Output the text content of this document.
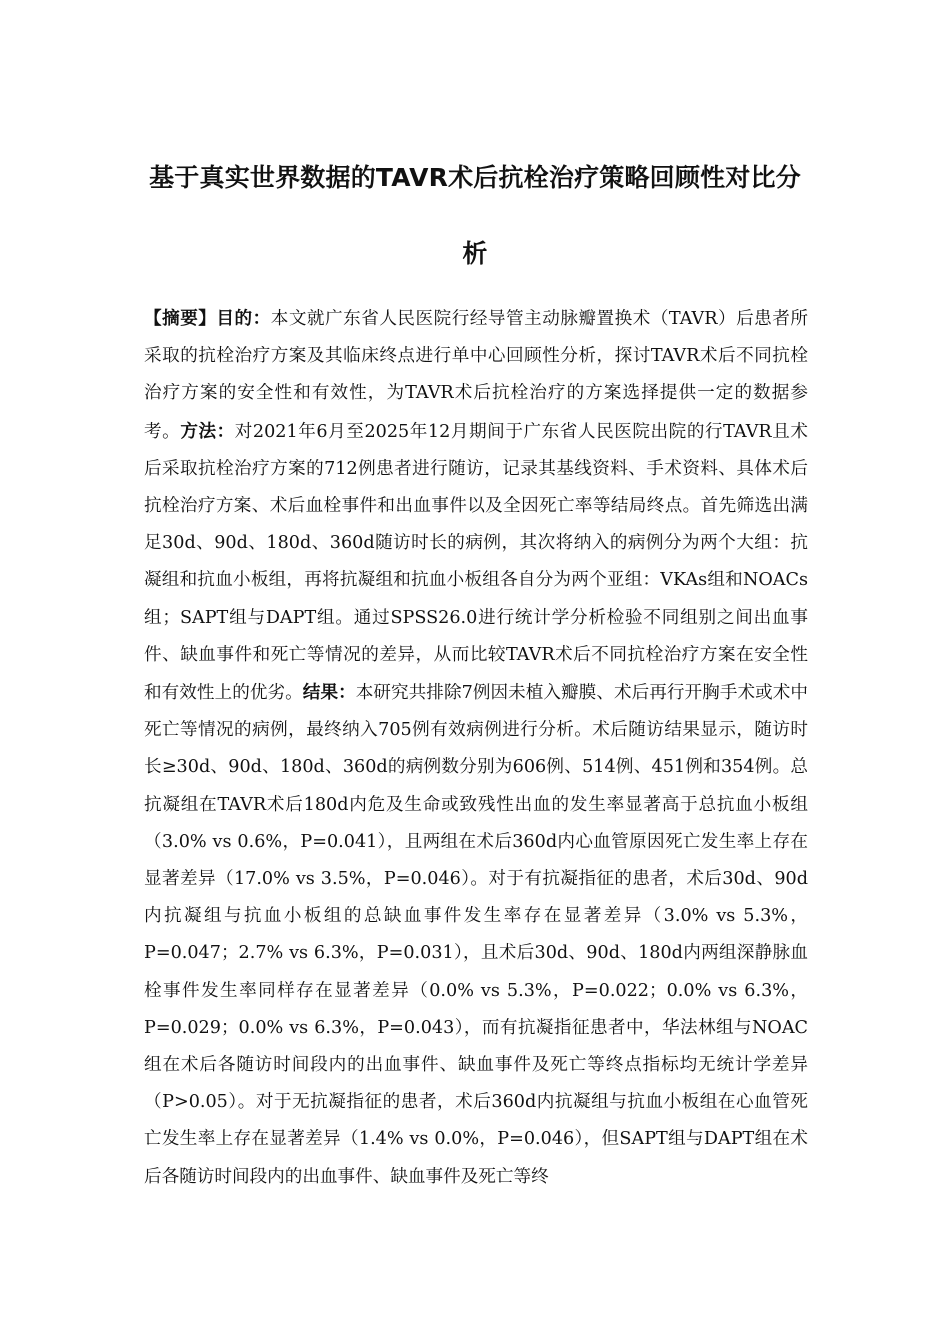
基于真实世界数据的TAVR术后抗栓治疗策略回顾性对比分析

【摘要】目的：本文就广东省人民医院行经导管主动脉瓣置换术（TAVR）后患者所采取的抗栓治疗方案及其临床终点进行单中心回顾性分析，探讨TAVR术后不同抗栓治疗方案的安全性和有效性，为TAVR术后抗栓治疗的方案选择提供一定的数据参考。方法：对2021年6月至2025年12月期间于广东省人民医院出院的行TAVR且术后采取抗栓治疗方案的712例患者进行随访，记录其基线资料、手术资料、具体术后抗栓治疗方案、术后血栓事件和出血事件以及全因死亡率等结局终点。首先筛选出满足30d、90d、180d、360d随访时长的病例，其次将纳入的病例分为两个大组：抗凝组和抗血小板组，再将抗凝组和抗血小板组各自分为两个亚组：VKAs组和NOACs组；SAPT组与DAPT组。通过SPSS26.0进行统计学分析检验不同组别之间出血事件、缺血事件和死亡等情况的差异，从而比较TAVR术后不同抗栓治疗方案在安全性和有效性上的优劣。结果：本研究共排除7例因未植入瓣膜、术后再行开胸手术或术中死亡等情况的病例，最终纳入705例有效病例进行分析。术后随访结果显示，随访时长≥30d、90d、180d、360d的病例数分别为606例、514例、451例和354例。总抗凝组在TAVR术后180d内危及生命或致残性出血的发生率显著高于总抗血小板组（3.0% vs 0.6%，P=0.041），且两组在术后360d内心血管原因死亡发生率上存在显著差异（17.0% vs 3.5%，P=0.046）。对于有抗凝指征的患者，术后30d、90d内抗凝组与抗血小板组的总缺血事件发生率存在显著差异（3.0% vs 5.3%，P=0.047；2.7% vs 6.3%，P=0.031），且术后30d、90d、180d内两组深静脉血栓事件发生率同样存在显著差异（0.0% vs 5.3%，P=0.022；0.0% vs 6.3%，P=0.029；0.0% vs 6.3%，P=0.043），而有抗凝指征患者中，华法林组与NOAC组在术后各随访时间段内的出血事件、缺血事件及死亡等终点指标均无统计学差异（P>0.05）。对于无抗凝指征的患者，术后360d内抗凝组与抗血小板组在心血管死亡发生率上存在显著差异（1.4% vs 0.0%，P=0.046），但SAPT组与DAPT组在术后各随访时间段内的出血事件、缺血事件及死亡等终
